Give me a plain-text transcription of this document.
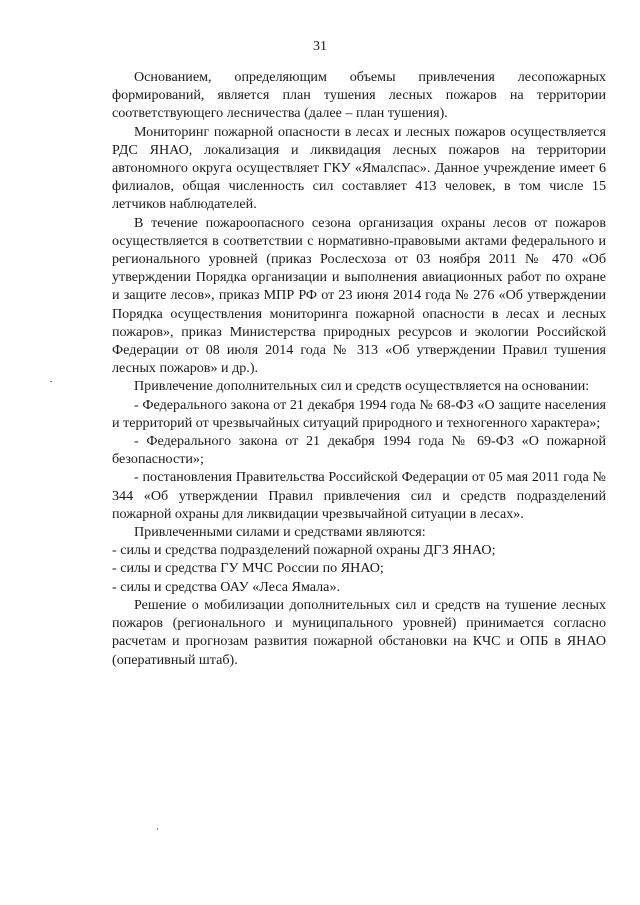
31

Основанием, определяющим объемы привлечения лесопожарных формирований, является план тушения лесных пожаров на территории соответствующего лесничества (далее – план тушения).

Мониторинг пожарной опасности в лесах и лесных пожаров осуществляется РДС ЯНАО, локализация и ликвидация лесных пожаров на территории автономного округа осуществляет ГКУ «Ямалспас». Данное учреждение имеет 6 филиалов, общая численность сил составляет 413 человек, в том числе 15 летчиков наблюдателей.

В течение пожароопасного сезона организация охраны лесов от пожаров осуществляется в соответствии с нормативно-правовыми актами федерального и регионального уровней (приказ Рослесхоза от 03 ноября 2011 № 470 «Об утверждении Порядка организации и выполнения авиационных работ по охране и защите лесов», приказ МПР РФ от 23 июня 2014 года № 276 «Об утверждении Порядка осуществления мониторинга пожарной опасности в лесах и лесных пожаров», приказ Министерства природных ресурсов и экологии Российской Федерации от 08 июля 2014 года № 313 «Об утверждении Правил тушения лесных пожаров» и др.).

Привлечение дополнительных сил и средств осуществляется на основании:

- Федерального закона от 21 декабря 1994 года № 68-ФЗ «О защите населения и территорий от чрезвычайных ситуаций природного и техногенного характера»;

- Федерального закона от 21 декабря 1994 года № 69-ФЗ «О пожарной безопасности»;

- постановления Правительства Российской Федерации от 05 мая 2011 года № 344 «Об утверждении Правил привлечения сил и средств подразделений пожарной охраны для ликвидации чрезвычайной ситуации в лесах».

Привлеченными силами и средствами являются:

- силы и средства подразделений пожарной охраны ДГЗ ЯНАО;

- силы и средства ГУ МЧС России по ЯНАО;

- силы и средства ОАУ «Леса Ямала».

Решение о мобилизации дополнительных сил и средств на тушение лесных пожаров (регионального и муниципального уровней) принимается согласно расчетам и прогнозам развития пожарной обстановки на КЧС и ОПБ в ЯНАО (оперативный штаб).
